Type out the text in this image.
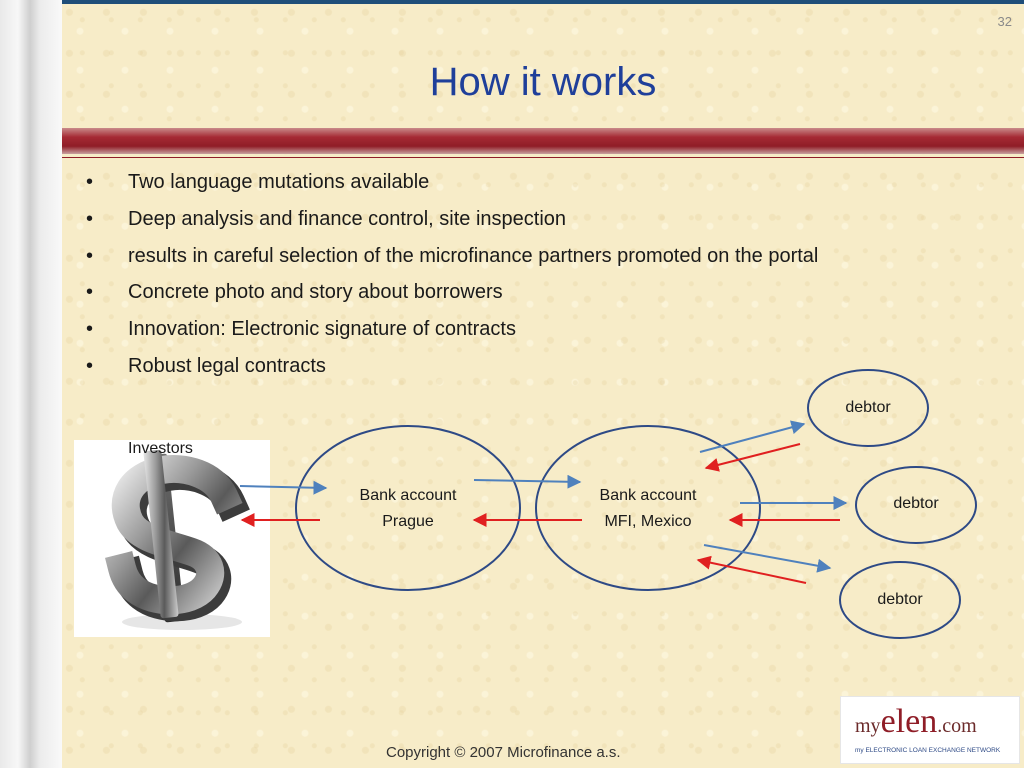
32
How it works
• Two language mutations available
• Deep analysis and finance control, site inspection
• results in careful selection of the microfinance partners promoted on the portal
• Concrete photo and story about borrowers
• Innovation: Electronic signature of contracts
• Robust legal contracts
Investors
Bank account
Prague
Bank account
MFI, Mexico
debtor
debtor
debtor
myelen.com
my ELECTRONIC LOAN EXCHANGE NETWORK
Copyright © 2007 Microfinance a.s.
